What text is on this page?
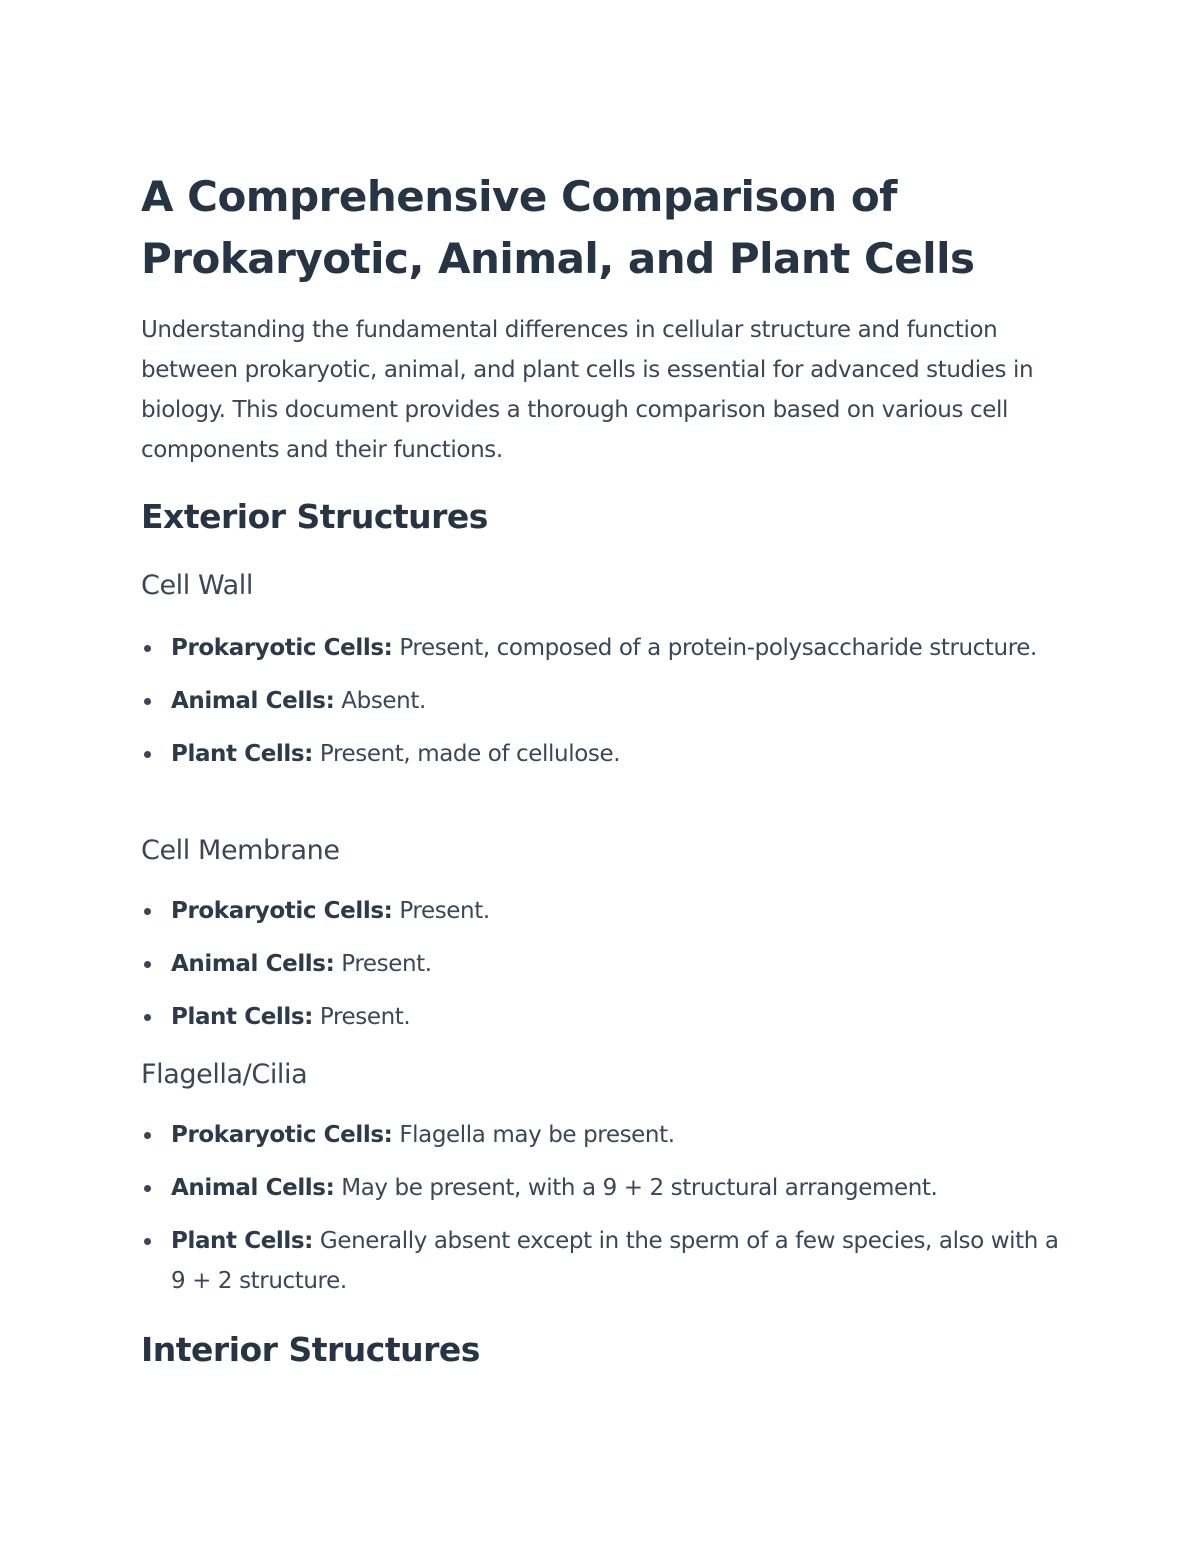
A Comprehensive Comparison of
Prokaryotic, Animal, and Plant Cells

Understanding the fundamental differences in cellular structure and function between prokaryotic, animal, and plant cells is essential for advanced studies in biology. This document provides a thorough comparison based on various cell components and their functions.

Exterior Structures
Cell Wall
Prokaryotic Cells: Present, composed of a protein-polysaccharide structure.
Animal Cells: Absent.
Plant Cells: Present, made of cellulose.
Cell Membrane
Prokaryotic Cells: Present.
Animal Cells: Present.
Plant Cells: Present.
Flagella/Cilia
Prokaryotic Cells: Flagella may be present.
Animal Cells: May be present, with a 9 + 2 structural arrangement.
Plant Cells: Generally absent except in the sperm of a few species, also with a 9 + 2 structure.
Interior Structures
